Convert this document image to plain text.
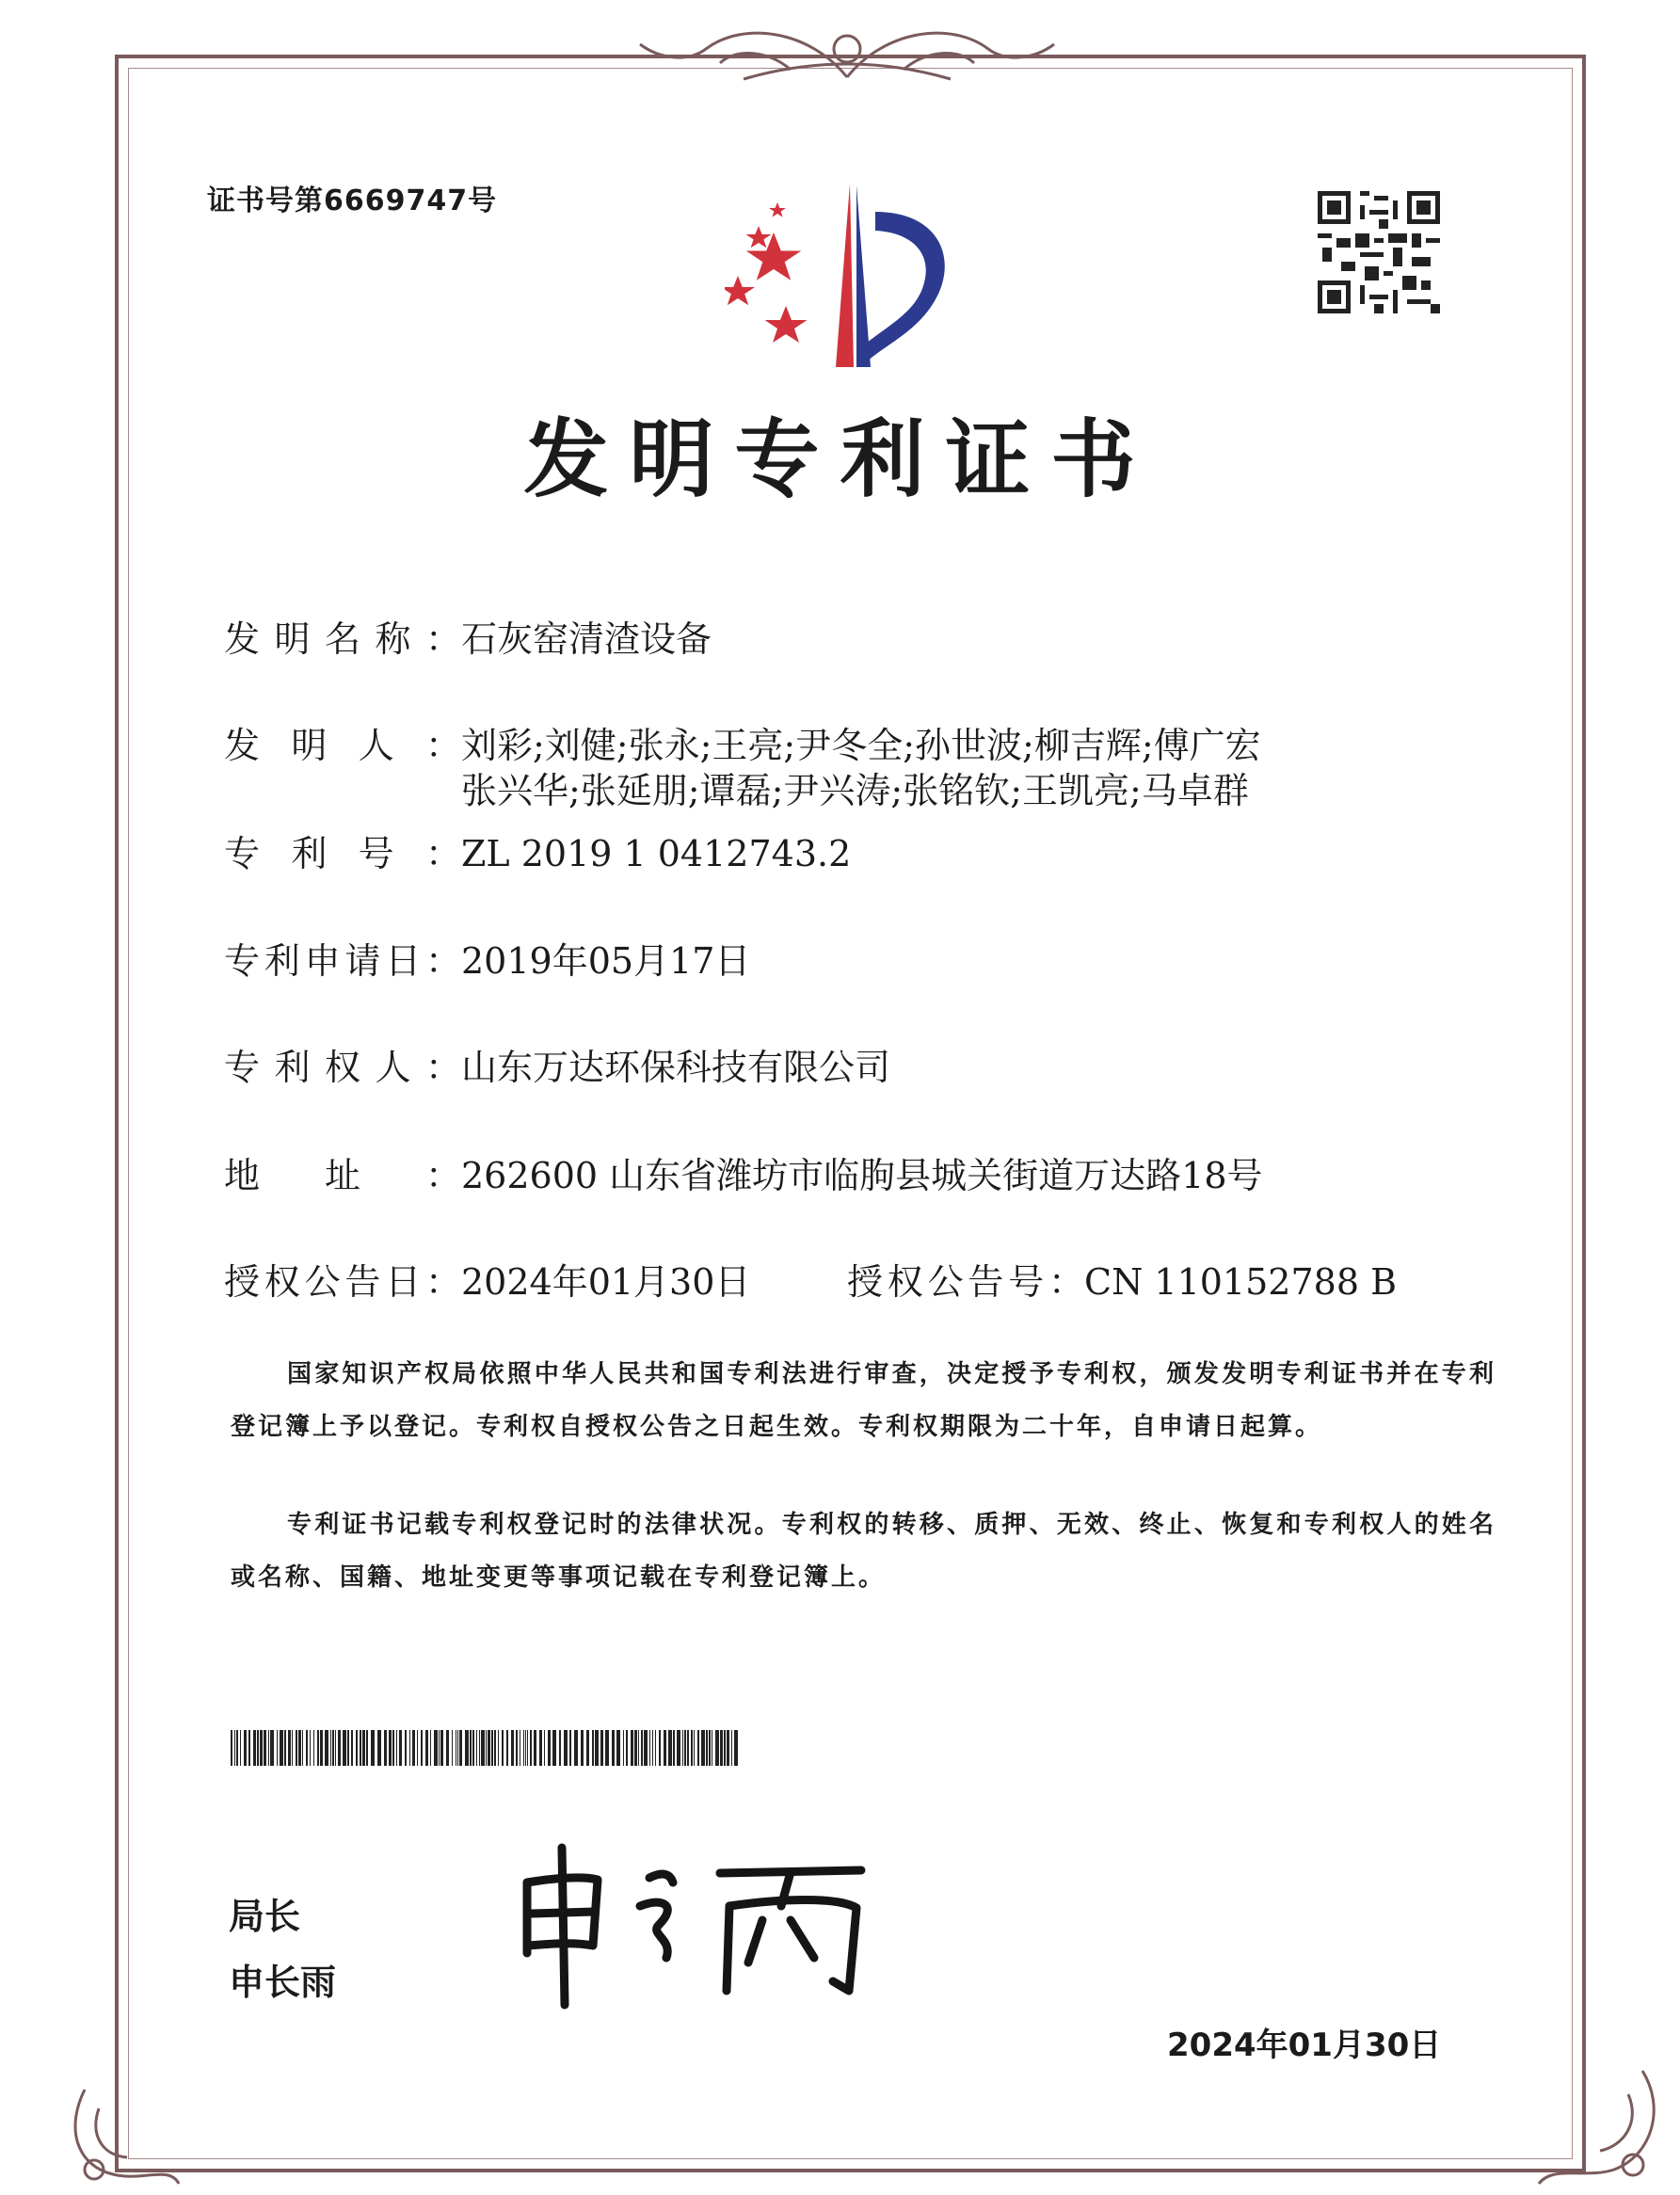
证书号第6669747号
发明专利证书
发明名称：石灰窑清渣设备
发明人：刘彩;刘健;张永;王亮;尹冬全;孙世波;柳吉辉;傅广宏
张兴华;张延朋;谭磊;尹兴涛;张铭钦;王凯亮;马卓群
专利号：ZL 2019 1 0412743.2
专利申请日：2019年05月17日
专利权人：山东万达环保科技有限公司
地址：262600 山东省潍坊市临朐县城关街道万达路18号
授权公告日：2024年01月30日	授权公告号：CN 110152788 B
国家知识产权局依照中华人民共和国专利法进行审查，决定授予专利权，颁发发明专利证书并在专利登记簿上予以登记。专利权自授权公告之日起生效。专利权期限为二十年，自申请日起算。
专利证书记载专利权登记时的法律状况。专利权的转移、质押、无效、终止、恢复和专利权人的姓名或名称、国籍、地址变更等事项记载在专利登记簿上。
局长
申长雨
2024年01月30日
